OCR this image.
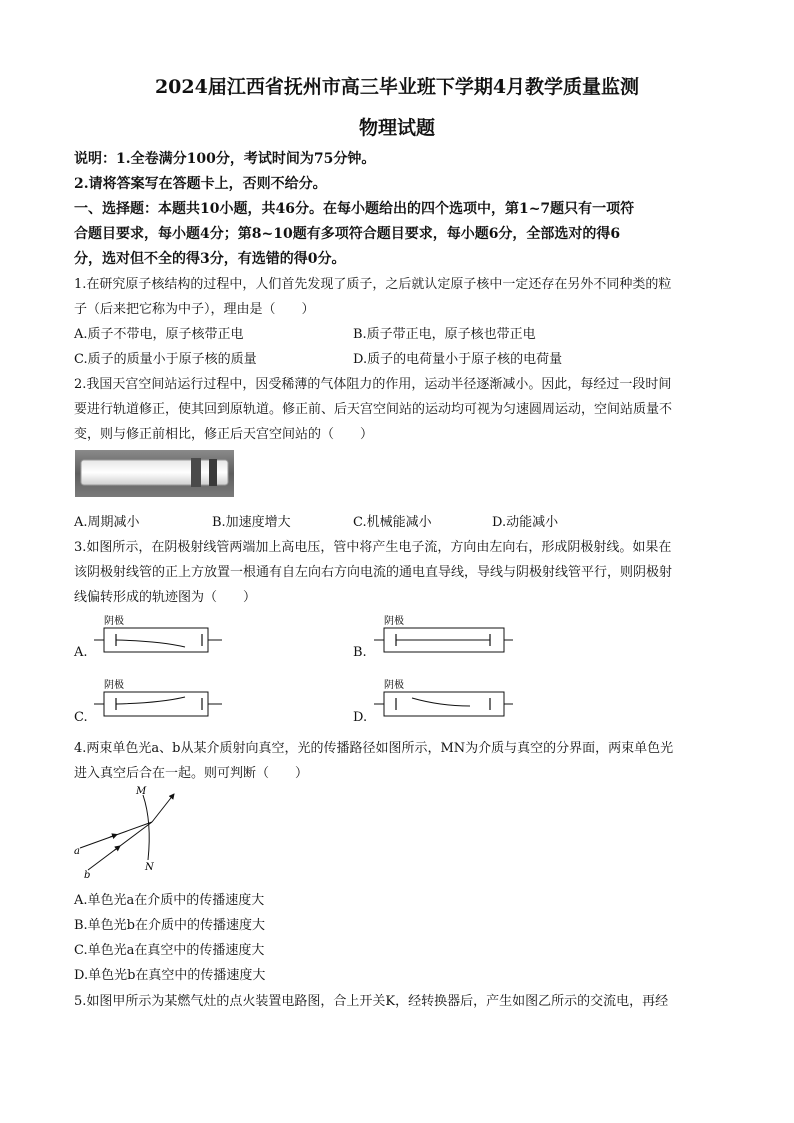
2024届江西省抚州市高三毕业班下学期4月教学质量监测
物理试题
说明：1.全卷满分100分，考试时间为75分钟。
2.请将答案写在答题卡上，否则不给分。
一、选择题：本题共10小题，共46分。在每小题给出的四个选项中，第1~7题只有一项符
合题目要求，每小题4分；第8~10题有多项符合题目要求，每小题6分，全部选对的得6
分，选对但不全的得3分，有选错的得0分。
1.在研究原子核结构的过程中，人们首先发现了质子，之后就认定原子核中一定还存在另外不同种类的粒
子（后来把它称为中子），理由是（　　）
A.质子不带电，原子核带正电	B.质子带正电，原子核也带正电
C.质子的质量小于原子核的质量	D.质子的电荷量小于原子核的电荷量
2.我国天宫空间站运行过程中，因受稀薄的气体阻力的作用，运动半径逐渐减小。因此，每经过一段时间
要进行轨道修正，使其回到原轨道。修正前、后天宫空间站的运动均可视为匀速圆周运动，空间站质量不
变，则与修正前相比，修正后天宫空间站的（　　）
A.周期减小	B.加速度增大	C.机械能减小	D.动能减小
3.如图所示，在阴极射线管两端加上高电压，管中将产生电子流，方向由左向右，形成阴极射线。如果在
该阴极射线管的正上方放置一根通有自左向右方向电流的通电直导线，导线与阴极射线管平行，则阴极射
线偏转形成的轨迹图为（　　）
A.
阴极
B.
阴极
C.
阴极
D.
阴极
4.两束单色光a、b从某介质射向真空，光的传播路径如图所示，MN为介质与真空的分界面，两束单色光
进入真空后合在一起。则可判断（　　）
M
N
a
b
A.单色光a在介质中的传播速度大
B.单色光b在介质中的传播速度大
C.单色光a在真空中的传播速度大
D.单色光b在真空中的传播速度大
5.如图甲所示为某燃气灶的点火装置电路图，合上开关K，经转换器后，产生如图乙所示的交流电，再经
